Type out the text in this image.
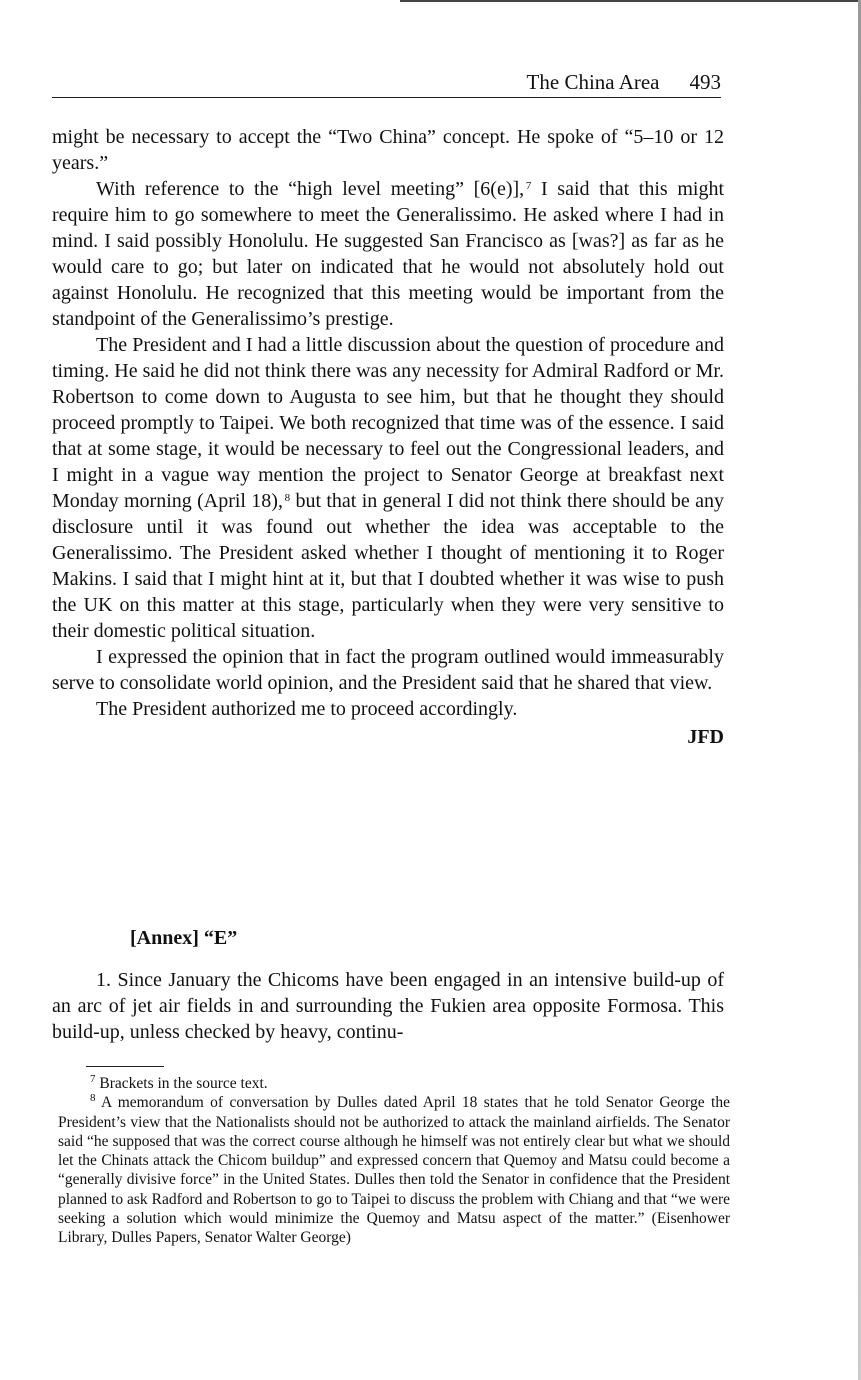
The China Area 493

might be necessary to accept the “Two China” concept. He spoke of “5–10 or 12 years.”

With reference to the “high level meeting” [6(e)],  $^7$ I said that this might require him to go somewhere to meet the Generalissimo. He asked where I had in mind. I said possibly Honolulu. He suggested San Francisco as [was?] as far as he would care to go; but later on indicated that he would not absolutely hold out against Honolulu. He recognized that this meeting would be important from the standpoint of the Generalissimo’s prestige.

The President and I had a little discussion about the question of procedure and timing. He said he did not think there was any necessity for Admiral Radford or Mr. Robertson to come down to Augusta to see him, but that he thought they should proceed promptly to Taipei. We both recognized that time was of the essence. I said that at some stage, it would be necessary to feel out the Congressional leaders, and I might in a vague way mention the project to Senator George at breakfast next Monday morning (April 18),  $^8$ but that in general I did not think there should be any disclosure until it was found out whether the idea was acceptable to the Generalissimo. The President asked whether I thought of mentioning it to Roger Makins. I said that I might hint at it, but that I doubted whether it was wise to push the UK on this matter at this stage, particularly when they were very sensitive to their domestic political situation.

I expressed the opinion that in fact the program outlined would immeasurably serve to consolidate world opinion, and the President said that he shared that view.

The President authorized me to proceed accordingly.

JFD
[Annex] “E”

1. Since January the Chicoms have been engaged in an intensive build-up of an arc of jet air fields in and surrounding the Fukien area opposite Formosa. This build-up, unless checked by heavy, continu-

$^7$ Brackets in the source text.

$^8$ A memorandum of conversation by Dulles dated April 18 states that he told Senator George the President’s view that the Nationalists should not be authorized to attack the mainland airfields. The Senator said “he supposed that was the correct course although he himself was not entirely clear but what we should let the Chinats attack the Chicom buildup” and expressed concern that Quemoy and Matsu could become a “generally divisive force” in the United States. Dulles then told the Senator in confidence that the President planned to ask Radford and Robertson to go to Taipei to discuss the problem with Chiang and that “we were seeking a solution which would minimize the Quemoy and Matsu aspect of the matter.” (Eisenhower Library, Dulles Papers, Senator Walter George)
